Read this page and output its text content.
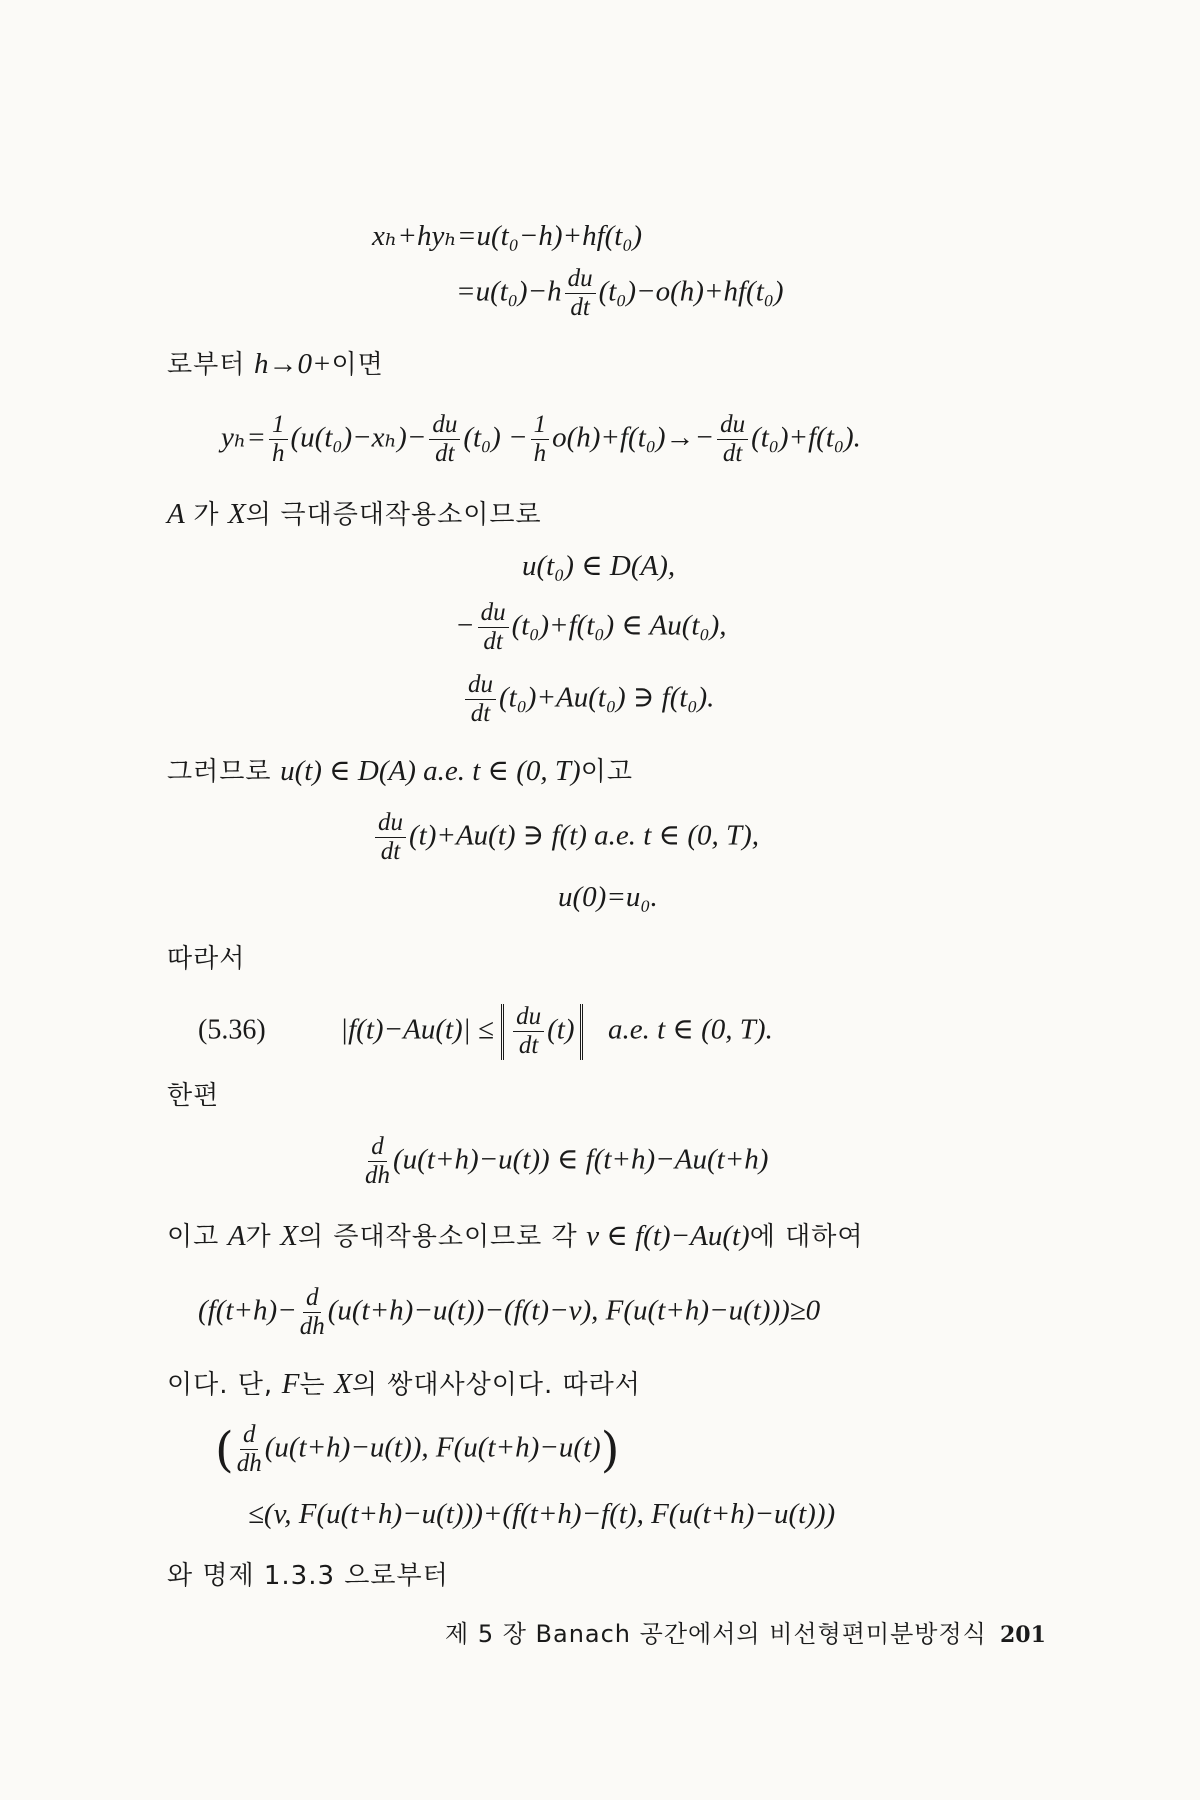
xₕ+hyₕ=u(t₀−h)+hf(t₀)
$=u(t_0)-h \frac{du}{dt} (t_0)-o(h)+hf(t_0)$
로부터 h→0+이면
$y_h= \frac{1}{h} (u(t_0)-x_h)- \frac{du}{dt} (t_0) - \frac{1}{h} o(h)+f(t_0)\to- \frac{du}{dt} (t_0)+f(t_0)$.
A 가 X의 극대증대작용소이므로
u(t₀) ∈ D(A),
− $\frac{du}{dt} (t_0)+f(t_0)$ ∈ Au(t₀),
$\frac{du}{dt} (t_0)+Au(t_0)$ ∋ f(t₀).
그러므로 u(t) ∈ D(A) a.e. t ∈ (0, T)이고
$\frac{du}{dt} (t)+Au(t)$ ∋ f(t) a.e. t ∈ (0, T),
u(0)=u₀.
따라서
(5.36)	$|f(t)-Au(t)| \le \frac{du}{dt} (t)$ a.e. t ∈ (0, T).
한편
$\frac{d}{dh} (u(t+h)-u(t))$ ∈ f(t+h)−Au(t+h)
이고 A가 X의 증대작용소이므로 각 v ∈ f(t)−Au(t)에 대하여
($f(t+h)- \frac{d}{dh} (u(t+h)-u(t))-(f(t)-v)$, F(u(t+h)−u(t)))≥0
이다. 단, F는 X의 쌍대사상이다. 따라서
( $\frac{d}{dh} (u(t+h)-u(t))$, F(u(t+h)−u(t))
≤(v, F(u(t+h)−u(t)))+(f(t+h)−f(t), F(u(t+h)−u(t)))
와 명제 1.3.3 으로부터
제 5 장 Banach 공간에서의 비선형편미분방정식 201
